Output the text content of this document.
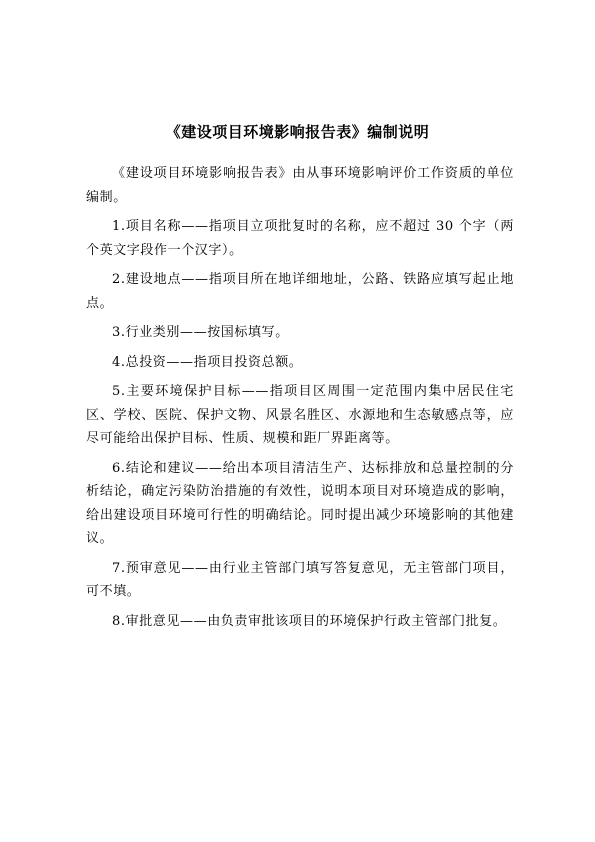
《建设项目环境影响报告表》编制说明

《建设项目环境影响报告表》由从事环境影响评价工作资质的单位编制。

1.项目名称——指项目立项批复时的名称，应不超过 30 个字（两个英文字段作一个汉字）。

2.建设地点——指项目所在地详细地址，公路、铁路应填写起止地点。

3.行业类别——按国标填写。

4.总投资——指项目投资总额。

5.主要环境保护目标——指项目区周围一定范围内集中居民住宅区、学校、医院、保护文物、风景名胜区、水源地和生态敏感点等，应尽可能给出保护目标、性质、规模和距厂界距离等。

6.结论和建议——给出本项目清洁生产、达标排放和总量控制的分析结论，确定污染防治措施的有效性，说明本项目对环境造成的影响，给出建设项目环境可行性的明确结论。同时提出减少环境影响的其他建议。

7.预审意见——由行业主管部门填写答复意见，无主管部门项目，可不填。

8.审批意见——由负责审批该项目的环境保护行政主管部门批复。
